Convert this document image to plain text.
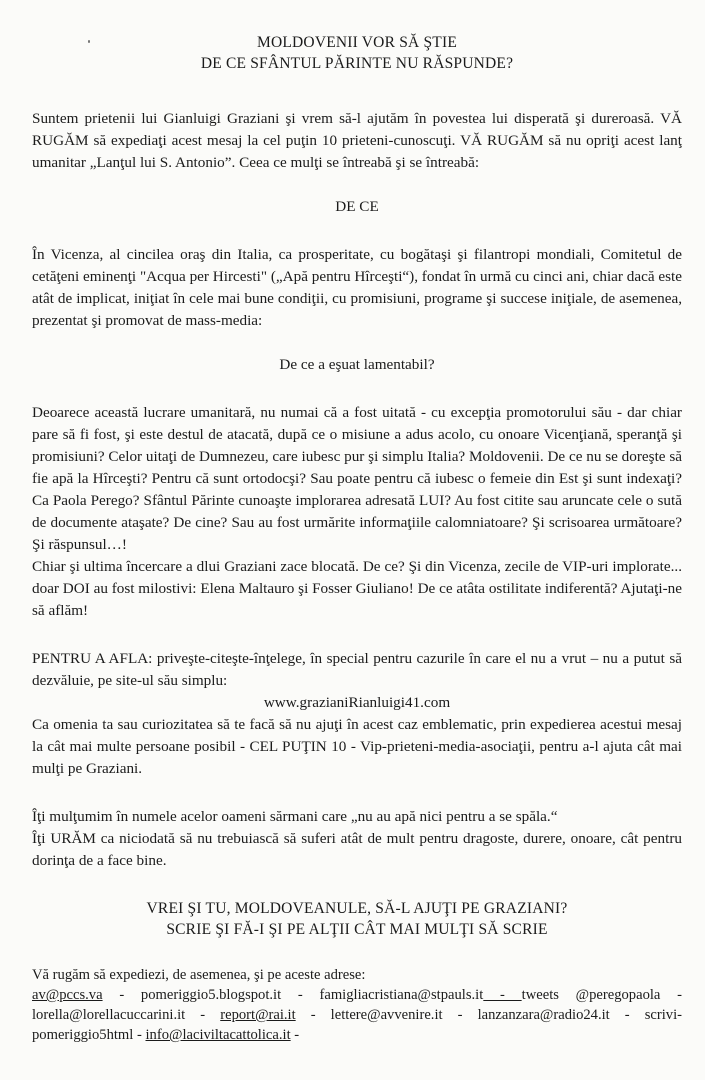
MOLDOVENII VOR SĂ ŞTIE
DE CE SFÂNTUL PĂRINTE NU RĂSPUNDE?

Suntem prietenii lui Gianluigi Graziani şi vrem să-l ajutăm în povestea lui disperată şi dureroasă. VĂ RUGĂM să expediaţi acest mesaj la cel puţin 10 prieteni-cunoscuţi. VĂ RUGĂM să nu opriţi acest lanţ umanitar „Lanţul lui S. Antonio”. Ceea ce mulţi se întreabă şi se întreabă:

DE CE

În Vicenza, al cincilea oraş din Italia, ca prosperitate, cu bogătaşi şi filantropi mondiali, Comitetul de cetăţeni eminenţi "Acqua per Hircesti" („Apă pentru Hîrceşti“), fondat în urmă cu cinci ani, chiar dacă este atât de implicat, iniţiat în cele mai bune condiţii, cu promisiuni, programe şi succese iniţiale, de asemenea, prezentat şi promovat de mass-media:

De ce a eşuat lamentabil?

Deoarece această lucrare umanitară, nu numai că a fost uitată - cu excepţia promotorului său - dar chiar pare să fi fost, şi este destul de atacată, după ce o misiune a adus acolo, cu onoare Vicenţiană, speranţă şi promisiuni? Celor uitaţi de Dumnezeu, care iubesc pur şi simplu Italia? Moldovenii. De ce nu se doreşte să fie apă la Hîrceşti? Pentru că sunt ortodocşi? Sau poate pentru că iubesc o femeie din Est şi sunt indexaţi? Ca Paola Perego? Sfântul Părinte cunoaşte implorarea adresată LUI? Au fost citite sau aruncate cele o sută de documente ataşate? De cine? Sau au fost urmărite informaţiile calomniatoare? Şi scrisoarea următoare? Şi răspunsul…!

Chiar şi ultima încercare a dlui Graziani zace blocată. De ce? Şi din Vicenza, zecile de VIP-uri implorate... doar DOI au fost milostivi: Elena Maltauro şi Fosser Giuliano! De ce atâta ostilitate indiferentă? Ajutaţi-ne să aflăm!

PENTRU A AFLA: priveşte-citeşte-înţelege, în special pentru cazurile în care el nu a vrut – nu a putut să dezvăluie, pe site-ul său simplu:

www.grazianiRianluigi41.com

Ca omenia ta sau curiozitatea să te facă să nu ajuţi în acest caz emblematic, prin expedierea acestui mesaj la cât mai multe persoane posibil - CEL PUŢIN 10 - Vip-prieteni-media-asociaţii, pentru a-l ajuta cât mai mulţi pe Graziani.

Îţi mulţumim în numele acelor oameni sărmani care „nu au apă nici pentru a se spăla.“

Îţi URĂM ca niciodată să nu trebuiască să suferi atât de mult pentru dragoste, durere, onoare, cât pentru dorinţa de a face bine.

VREI ŞI TU, MOLDOVEANULE, SĂ-L AJUŢI PE GRAZIANI?
SCRIE ŞI FĂ-I ŞI PE ALŢII CÂT MAI MULŢI SĂ SCRIE
Vă rugăm să expediezi, de asemenea, şi pe aceste adrese:
av@pccs.va - pomeriggio5.blogspot.it - famigliacristiana@stpauls.it - tweets @peregopaola - lorella@lorellacuccarini.it - report@rai.it - lettere@avvenire.it - lanzanzara@radio24.it - scrivi-pomeriggio5html - info@laciviltacattolica.it -
